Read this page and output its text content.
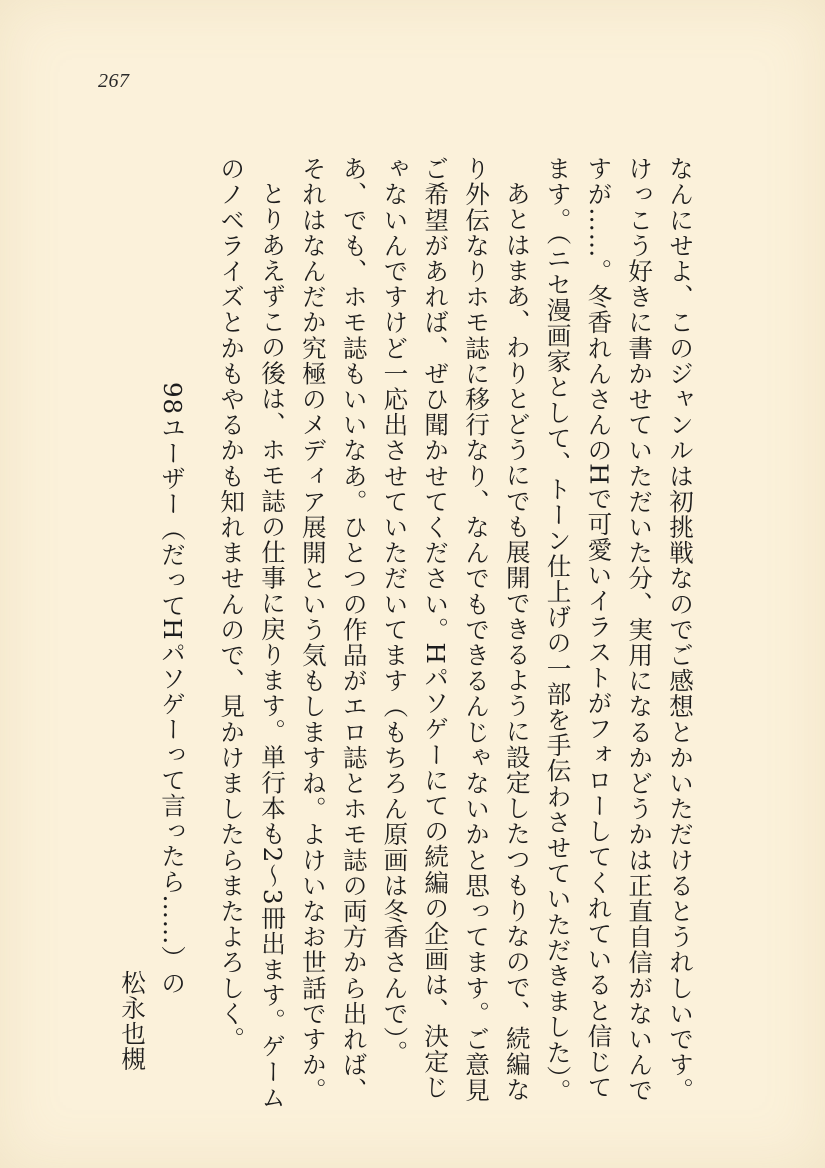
267

なんにせよ、このジャンルは初挑戦なのでご感想とかいただけるとうれしいです。けっこう好きに書かせていただいた分、実用になるかどうかは正直自信がないんですが……。冬香れんさんのHで可愛いイラストがフォローしてくれていると信じてます。（ニセ漫画家として、トーン仕上げの一部を手伝わさせていただきました）。

あとはまあ、わりとどうにでも展開できるように設定したつもりなので、続編なり外伝なりホモ誌に移行なり、なんでもできるんじゃないかと思ってます。ご意見ご希望があれば、ぜひ聞かせてください。Hパソゲーにての続編の企画は、決定じゃないんですけど一応出させていただいてます（もちろん原画は冬香さんで）。

あ、でも、ホモ誌もいいなあ。ひとつの作品がエロ誌とホモ誌の両方から出れば、それはなんだか究極のメディア展開という気もしますね。よけいなお世話ですか。

とりあえずこの後は、ホモ誌の仕事に戻ります。単行本も2～3冊出ます。ゲームのノベライズとかもやるかも知れませんので、見かけましたらまたよろしく。

98ユーザー（だってHパソゲーって言ったら……）の
松永也槻
